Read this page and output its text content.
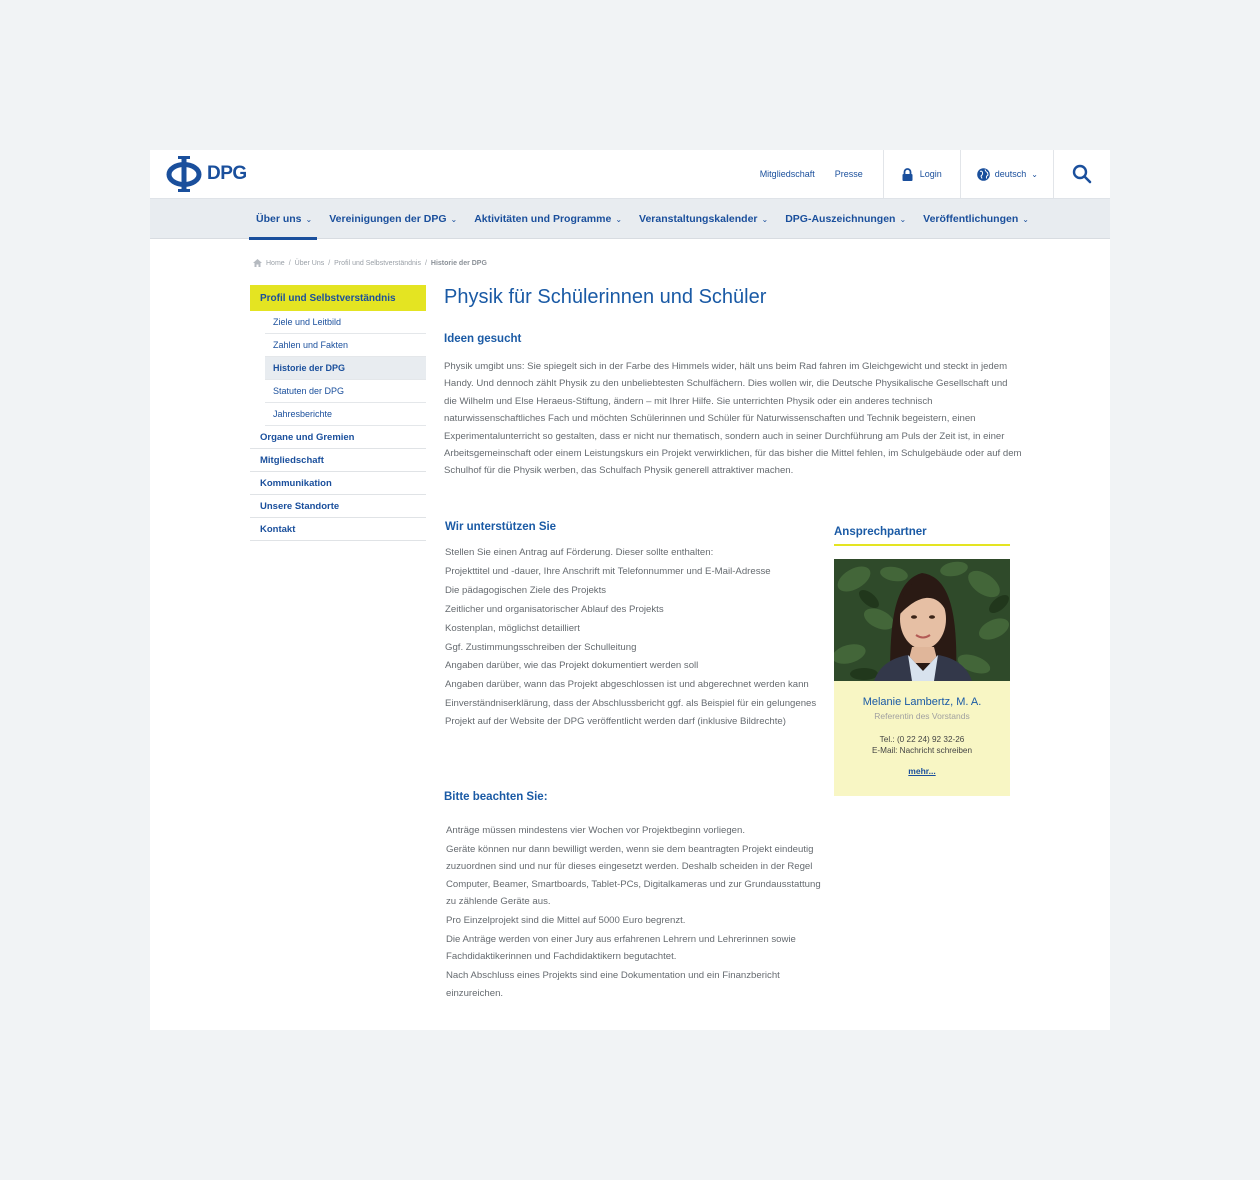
DPG	Mitgliedschaft	Presse	Login	deutsch ⌄
Über uns ⌄ Vereinigungen der DPG ⌄ Aktivitäten und Programme ⌄ Veranstaltungskalender ⌄ DPG-Auszeichnungen ⌄ Veröffentlichungen ⌄
Home / Über Uns / Profil und Selbstverständnis / Historie der DPG
Profil und Selbstverständnis
Ziele und Leitbild
Zahlen und Fakten
Historie der DPG
Statuten der DPG
Jahresberichte
Organe und Gremien
Mitgliedschaft
Kommunikation
Unsere Standorte
Kontakt
Physik für Schülerinnen und Schüler
Ideen gesucht

Physik umgibt uns: Sie spiegelt sich in der Farbe des Himmels wider, hält uns beim Rad fahren im Gleichgewicht und steckt in jedem Handy. Und dennoch zählt Physik zu den unbeliebtesten Schulfächern. Dies wollen wir, die Deutsche Physikalische Gesellschaft und die Wilhelm und Else Heraeus-Stiftung, ändern – mit Ihrer Hilfe. Sie unterrichten Physik oder ein anderes technisch naturwissenschaftliches Fach und möchten Schülerinnen und Schüler für Naturwissenschaften und Technik begeistern, einen Experimentalunterricht so gestalten, dass er nicht nur thematisch, sondern auch in seiner Durchführung am Puls der Zeit ist, in einer Arbeitsgemeinschaft oder einem Leistungskurs ein Projekt verwirklichen, für das bisher die Mittel fehlen, im Schulgebäude oder auf dem Schulhof für die Physik werben, das Schulfach Physik generell attraktiver machen.

Wir unterstützen Sie
Stellen Sie einen Antrag auf Förderung. Dieser sollte enthalten:
Projekttitel und -dauer, Ihre Anschrift mit Telefonnummer und E-Mail-Adresse
Die pädagogischen Ziele des Projekts
Zeitlicher und organisatorischer Ablauf des Projekts
Kostenplan, möglichst detailliert
Ggf. Zustimmungsschreiben der Schulleitung
Angaben darüber, wie das Projekt dokumentiert werden soll
Angaben darüber, wann das Projekt abgeschlossen ist und abgerechnet werden kann
Einverständniserklärung, dass der Abschlussbericht ggf. als Beispiel für ein gelungenes Projekt auf der Website der DPG veröffentlicht werden darf (inklusive Bildrechte)
Bitte beachten Sie:
Anträge müssen mindestens vier Wochen vor Projektbeginn vorliegen.
Geräte können nur dann bewilligt werden, wenn sie dem beantragten Projekt eindeutig zuzuordnen sind und nur für dieses eingesetzt werden. Deshalb scheiden in der Regel Computer, Beamer, Smartboards, Tablet-PCs, Digitalkameras und zur Grundausstattung zu zählende Geräte aus.
Pro Einzelprojekt sind die Mittel auf 5000 Euro begrenzt.
Die Anträge werden von einer Jury aus erfahrenen Lehrern und Lehrerinnen sowie Fachdidaktikerinnen und Fachdidaktikern begutachtet.
Nach Abschluss eines Projekts sind eine Dokumentation und ein Finanzbericht einzureichen.
Ansprechpartner
Melanie Lambertz, M. A.
Referentin des Vorstands
Tel.: (0 22 24) 92 32-26
E-Mail: Nachricht schreiben
mehr...
